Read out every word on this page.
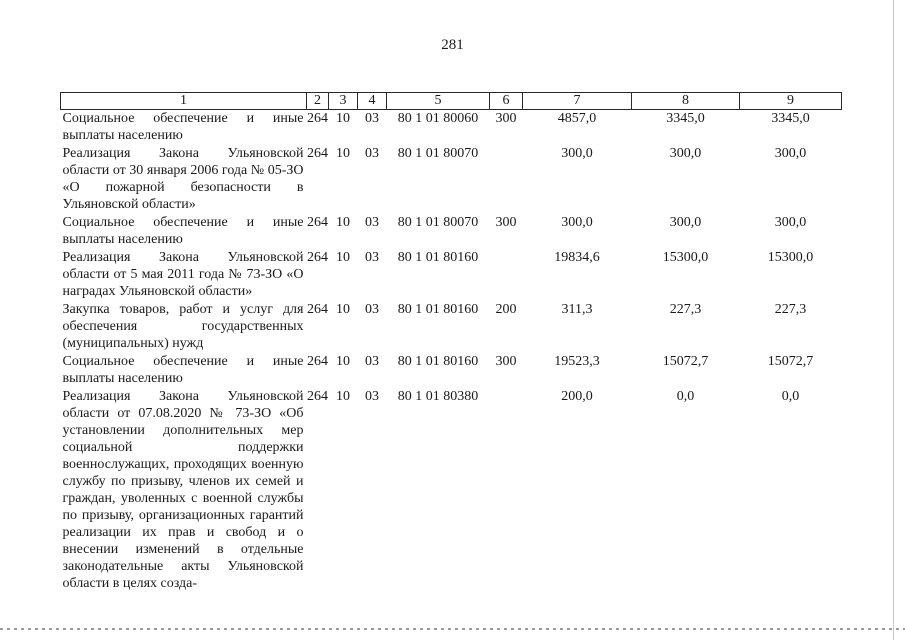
281
1	2	3	4	5	6	7	8	9
Социальное обеспечение и иные выплаты населению	264	10	03	80 1 01 80060	300	4857,0	3345,0	3345,0
Реализация Закона Ульяновской области от 30 января 2006 года № 05-ЗО «О пожарной безопасности в Ульяновской области»	264	10	03	80 1 01 80070		300,0	300,0	300,0
Социальное обеспечение и иные выплаты населению	264	10	03	80 1 01 80070	300	300,0	300,0	300,0
Реализация Закона Ульяновской области от 5 мая 2011 года № 73-ЗО «О наградах Ульяновской области»	264	10	03	80 1 01 80160		19834,6	15300,0	15300,0
Закупка товаров, работ и услуг для обеспечения государственных (муниципальных) нужд	264	10	03	80 1 01 80160	200	311,3	227,3	227,3
Социальное обеспечение и иные выплаты населению	264	10	03	80 1 01 80160	300	19523,3	15072,7	15072,7
Реализация Закона Ульяновской области от 07.08.2020 № 73-ЗО «Об установлении дополнительных мер социальной поддержки военнослужащих, проходящих военную службу по призыву, членов их семей и граждан, уволенных с военной службы по призыву, организационных гарантий реализации их прав и свобод и о внесении изменений в отдельные законодательные акты Ульяновской области в целях созда-	264	10	03	80 1 01 80380		200,0	0,0	0,0
